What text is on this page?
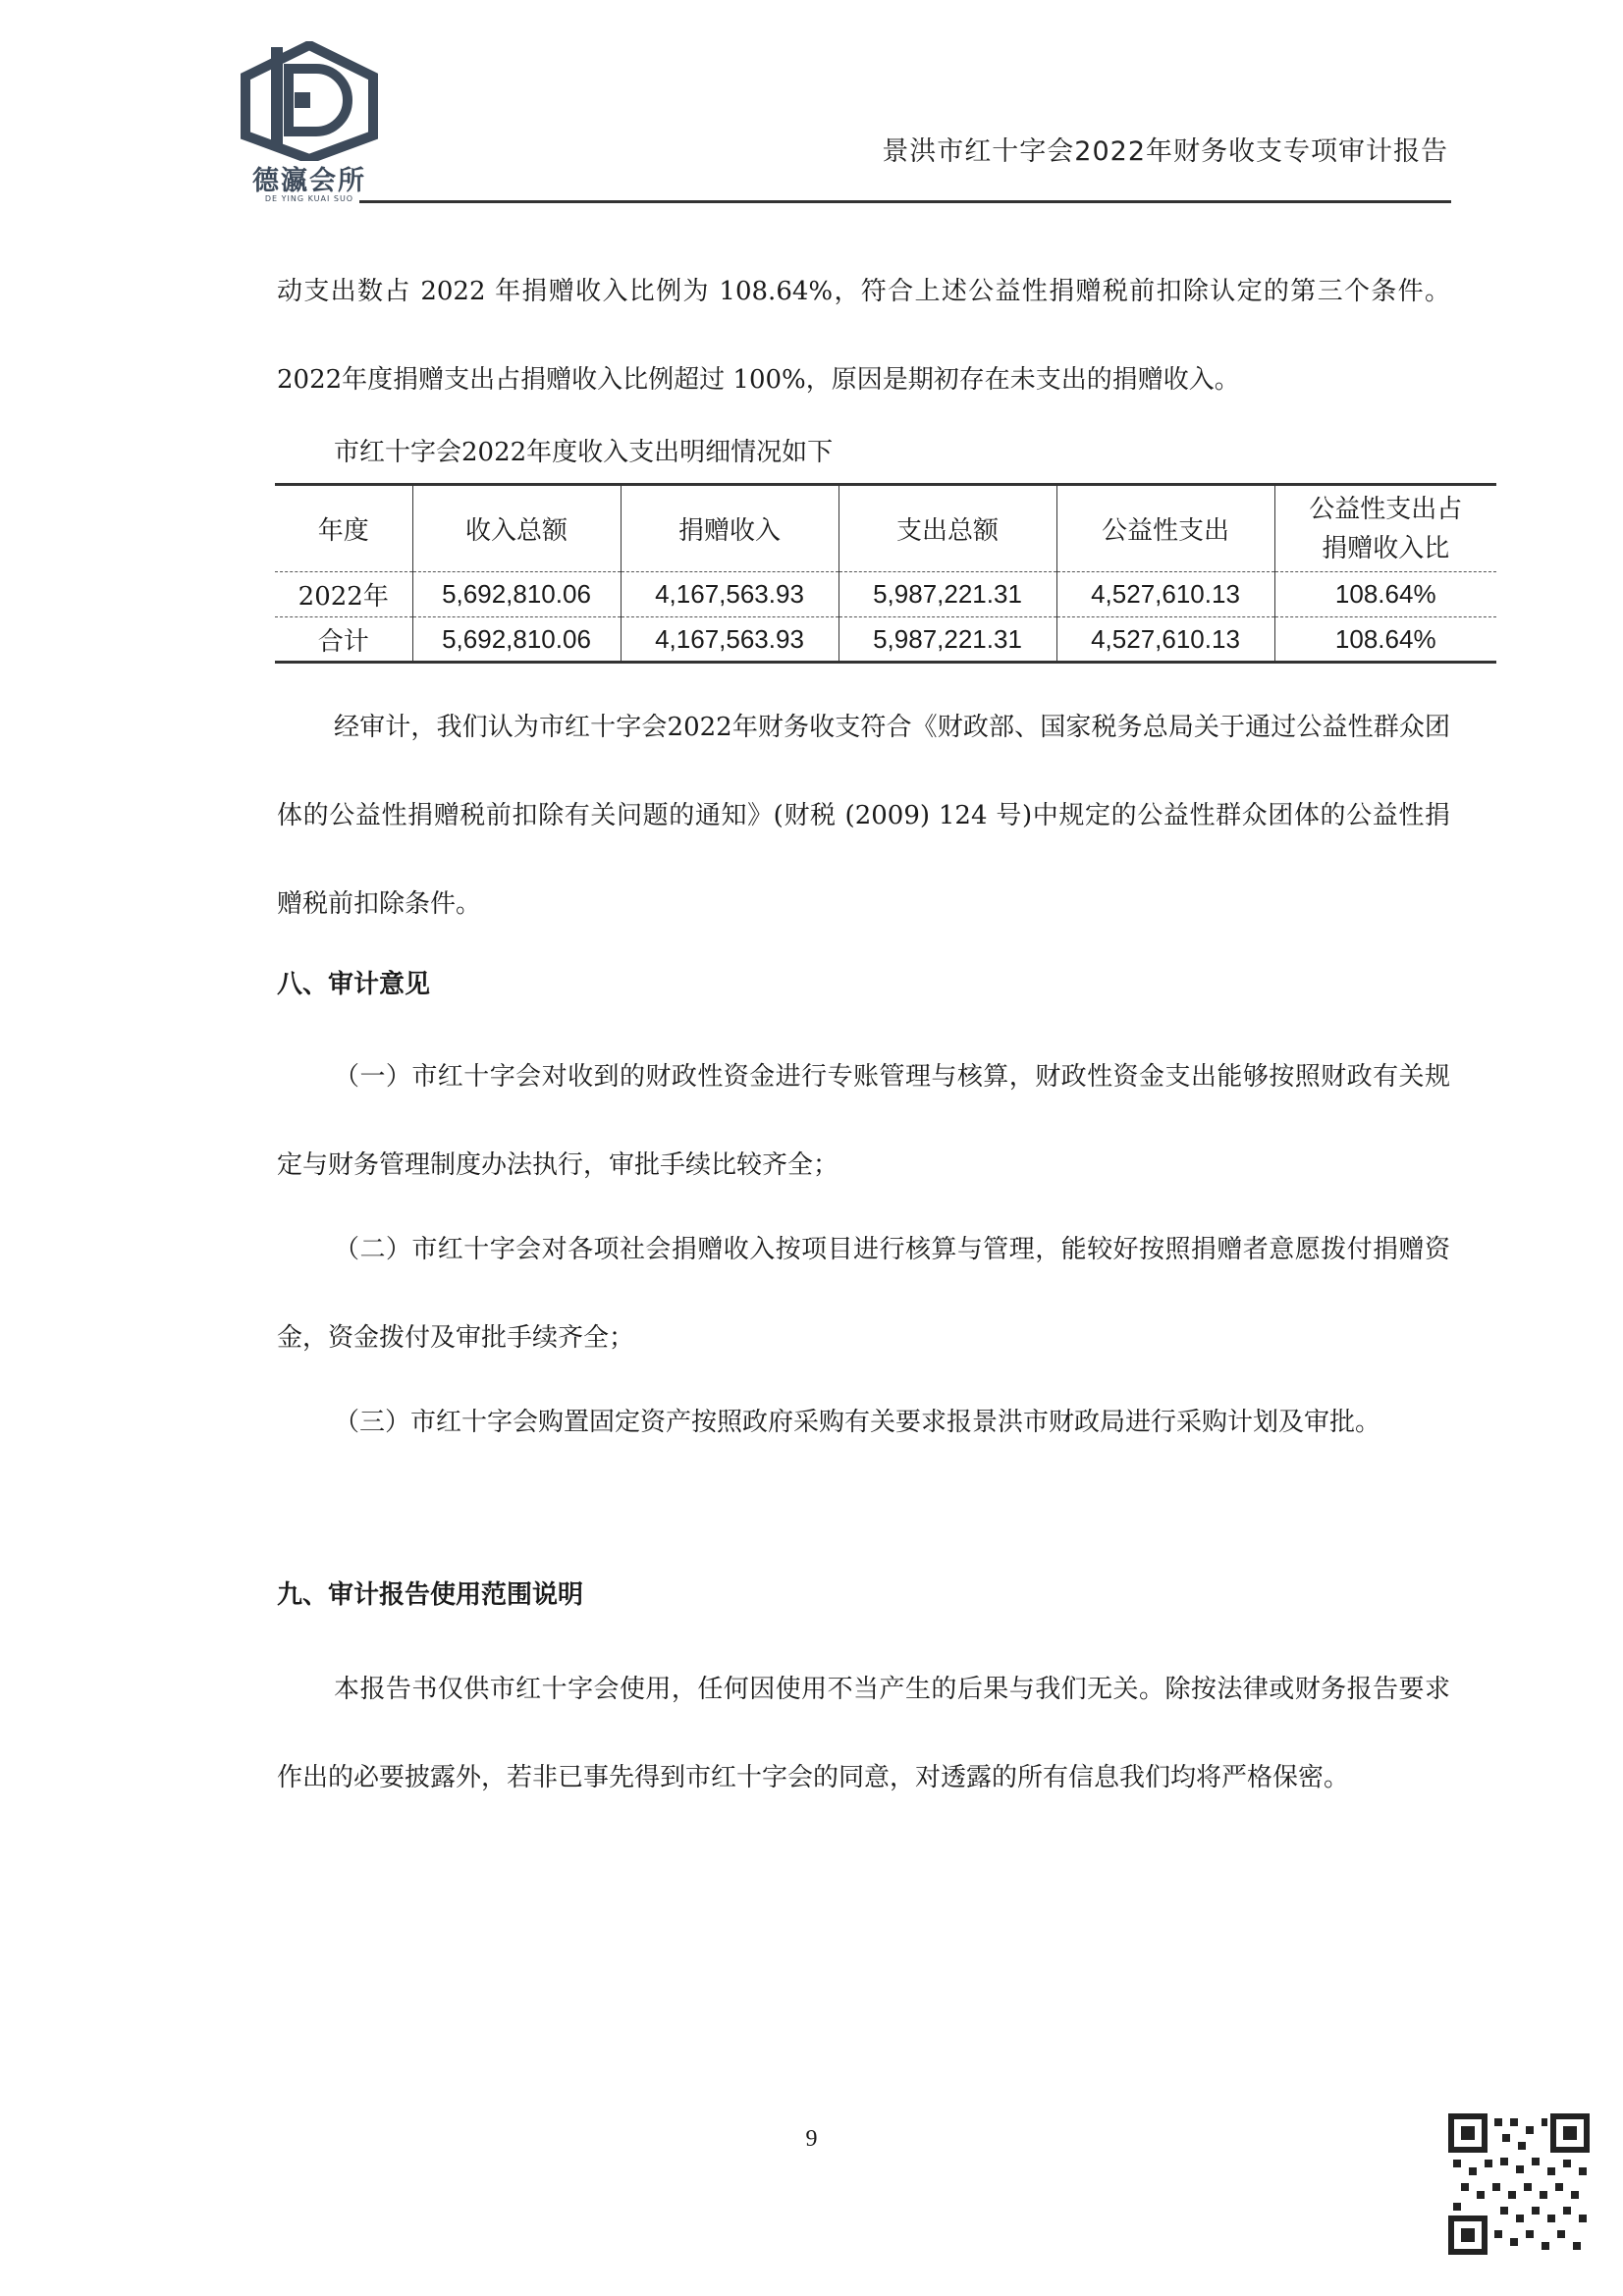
德瀛会所
DE YING KUAI SUO
景洪市红十字会2022年财务收支专项审计报告

动支出数占 2022 年捐赠收入比例为 108.64%，符合上述公益性捐赠税前扣除认定的第三个条件。2022年度捐赠支出占捐赠收入比例超过 100%，原因是期初存在未支出的捐赠收入。

市红十字会2022年度收入支出明细情况如下

年度	收入总额	捐赠收入	支出总额	公益性支出	公益性支出占
捐赠收入比

2022年	5,692,810.06	4,167,563.93	5,987,221.31	4,527,610.13	108.64%
合计	5,692,810.06	4,167,563.93	5,987,221.31	4,527,610.13	108.64%

经审计，我们认为市红十字会2022年财务收支符合《财政部、国家税务总局关于通过公益性群众团体的公益性捐赠税前扣除有关问题的通知》(财税 (2009) 124 号)中规定的公益性群众团体的公益性捐赠税前扣除条件。

八、审计意见

（一）市红十字会对收到的财政性资金进行专账管理与核算，财政性资金支出能够按照财政有关规定与财务管理制度办法执行，审批手续比较齐全；

（二）市红十字会对各项社会捐赠收入按项目进行核算与管理，能较好按照捐赠者意愿拨付捐赠资金，资金拨付及审批手续齐全；

（三）市红十字会购置固定资产按照政府采购有关要求报景洪市财政局进行采购计划及审批。

九、审计报告使用范围说明

本报告书仅供市红十字会使用，任何因使用不当产生的后果与我们无关。除按法律或财务报告要求作出的必要披露外，若非已事先得到市红十字会的同意，对透露的所有信息我们均将严格保密。

9
